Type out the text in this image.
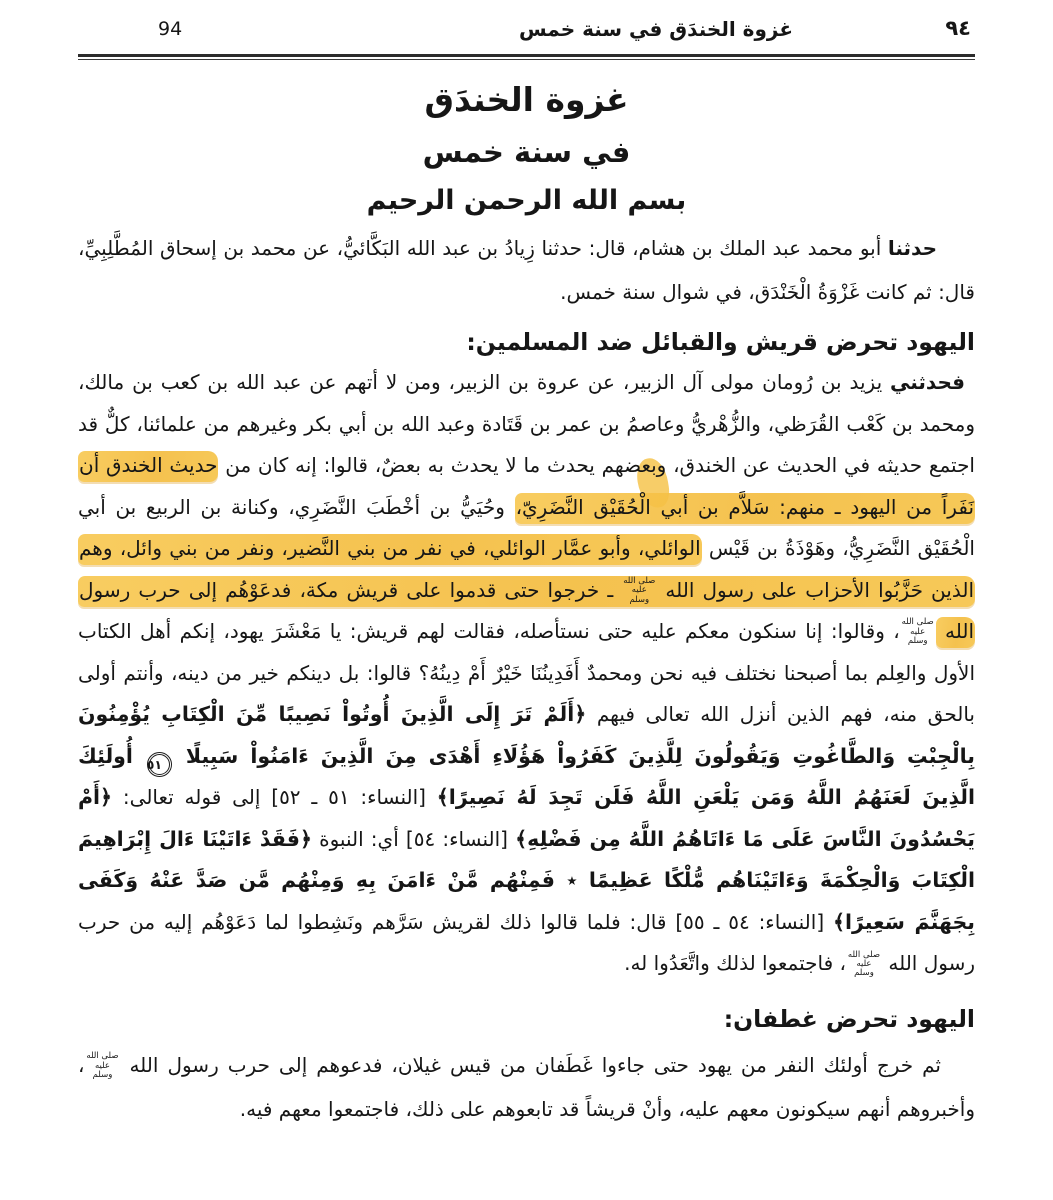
٩٤
غزوة الخندَق في سنة خمس
94
غزوة الخندَق
في سنة خمس
بسم الله الرحمن الرحيم

حدثنا أبو محمد عبد الملك بن هشام، قال: حدثنا زِيادُ بن عبد الله البَكَّائيُّ، عن محمد بن إسحاق المُطَّلِبِيِّ، قال: ثم كانت غَزْوَةُ الْخَنْدَق، في شوال سنة خمس.

اليهود تحرض قريش والقبائل ضد المسلمين:

فحدثني يزيد بن رُومان مولى آل الزبير، عن عروة بن الزبير، ومن لا أتهم عن عبد الله بن كعب بن مالك، ومحمد بن كَعْب القُرَظي، والزُّهْريُّ وعاصمُ بن عمر بن قَتَادة وعبد الله بن أبي بكر وغيرهم من علمائنا، كلٌّ قد اجتمع حديثه في الحديث عن الخندق، وبعضهم يحدث ما لا يحدث به بعضٌ، قالوا: إنه كان من حديث الخندق أن نَفَراً من اليهود ـ منهم: سَلاَّم بن أبي الْحُقَيْق النَّضَرِيّ، وحُيَيُّ بن أخْطَبَ النَّضَرِي، وكنانة بن الربيع بن أبي الْحُقَيْق النَّضَرِيُّ، وهَوْذَةُ بن قَيْس الوائلي، وأبو عمَّار الوائلي، في نفر من بني النَّضير، ونفر من بني وائل، وهم الذين حَزَّبُوا الأحزاب على رسول الله صلى الله عليه وسلم ـ خرجوا حتى قدموا على قريش مكة، فدعَوْهُم إلى حرب رسول الله صلى الله عليه وسلم، وقالوا: إنا سنكون معكم عليه حتى نستأصله، فقالت لهم قريش: يا مَعْشَرَ يهود، إنكم أهل الكتاب الأول والعِلم بما أصبحنا نختلف فيه نحن ومحمدٌ أَفَدِينُنَا خَيْرٌ أَمْ دِينُهُ؟ قالوا: بل دينكم خير من دينه، وأنتم أولى بالحق منه، فهم الذين أنزل الله تعالى فيهم ﴿أَلَمْ تَرَ إِلَى الَّذِينَ أُوتُواْ نَصِيبًا مِّنَ الْكِتَابِ يُؤْمِنُونَ بِالْجِبْتِ وَالطَّاغُوتِ وَيَقُولُونَ لِلَّذِينَ كَفَرُواْ هَؤُلَاءِ أَهْدَى مِنَ الَّذِينَ ءَامَنُواْ سَبِيلًا ٥١ أُولَئِكَ الَّذِينَ لَعَنَهُمُ اللَّهُ وَمَن يَلْعَنِ اللَّهُ فَلَن تَجِدَ لَهُ نَصِيرًا﴾ [النساء: ٥١ ـ ٥٢] إلى قوله تعالى: ﴿أَمْ يَحْسُدُونَ النَّاسَ عَلَى مَا ءَاتَاهُمُ اللَّهُ مِن فَضْلِهِ﴾ [النساء: ٥٤] أي: النبوة ﴿فَقَدْ ءَاتَيْنَا ءَالَ إِبْرَاهِيمَ الْكِتَابَ وَالْحِكْمَةَ وَءَاتَيْنَاهُم مُّلْكًا عَظِيمًا ٭ فَمِنْهُم مَّنْ ءَامَنَ بِهِ وَمِنْهُم مَّن صَدَّ عَنْهُ وَكَفَى بِجَهَنَّمَ سَعِيرًا﴾ [النساء: ٥٤ ـ ٥٥] قال: فلما قالوا ذلك لقريش سَرَّهم ونَشِطوا لما دَعَوْهُم إليه من حرب رسول الله صلى الله عليه وسلم، فاجتمعوا لذلك واتَّعَدُوا له.

اليهود تحرض غطفان:

ثم خرج أولئك النفر من يهود حتى جاءوا غَطَفان من قيس غيلان، فدعوهم إلى حرب رسول الله صلى الله عليه وسلم، وأخبروهم أنهم سيكونون معهم عليه، وأنْ قريشاً قد تابعوهم على ذلك، فاجتمعوا معهم فيه.
